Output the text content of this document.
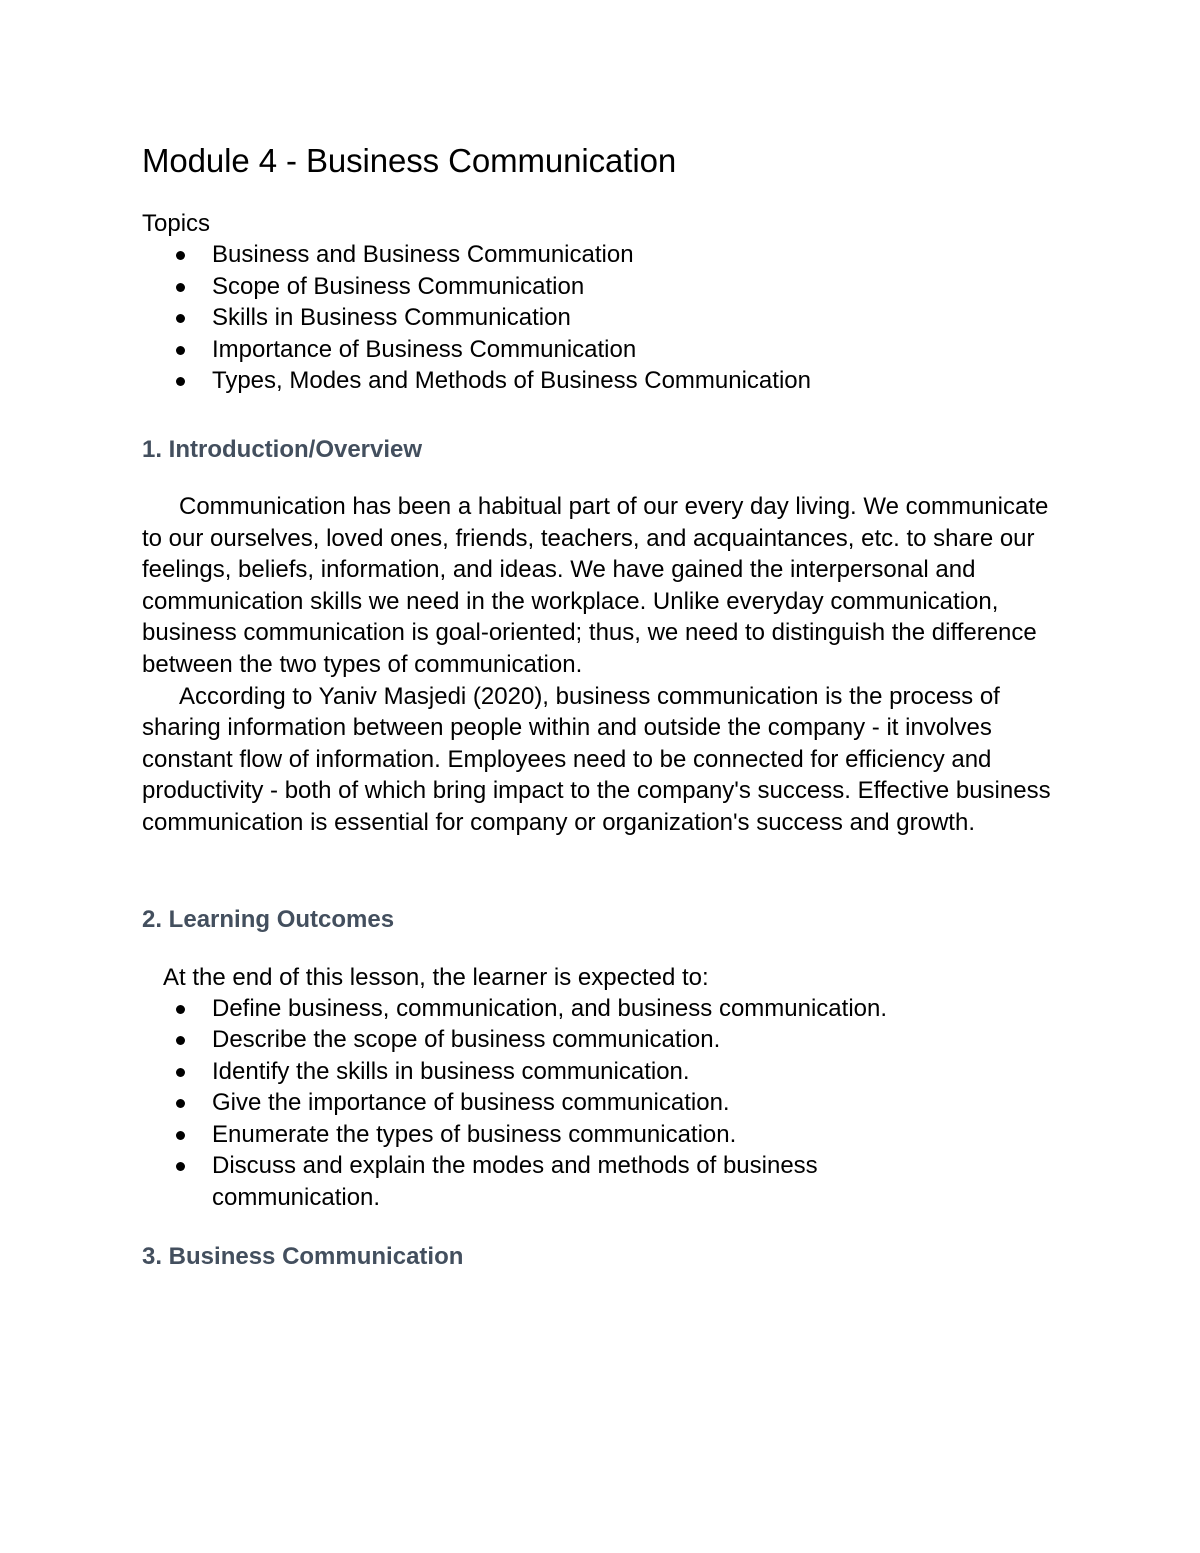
Module 4 - Business Communication
Topics
Business and Business Communication
Scope of Business Communication
Skills in Business Communication
Importance of Business Communication
Types, Modes and Methods of Business Communication
1. Introduction/Overview

Communication has been a habitual part of our every day living. We communicate to our ourselves, loved ones, friends, teachers, and acquaintances, etc. to share our feelings, beliefs, information, and ideas. We have gained the interpersonal and communication skills we need in the workplace. Unlike everyday communication, business communication is goal-oriented; thus, we need to distinguish the difference between the two types of communication.

According to Yaniv Masjedi (2020), business communication is the process of sharing information between people within and outside the company - it involves constant flow of information. Employees need to be connected for efficiency and productivity - both of which bring impact to the company's success. Effective business communication is essential for company or organization's success and growth.

2. Learning Outcomes
At the end of this lesson, the learner is expected to:
Define business, communication, and business communication.
Describe the scope of business communication.
Identify the skills in business communication.
Give the importance of business communication.
Enumerate the types of business communication.
Discuss and explain the modes and methods of business communication.
3. Business Communication
